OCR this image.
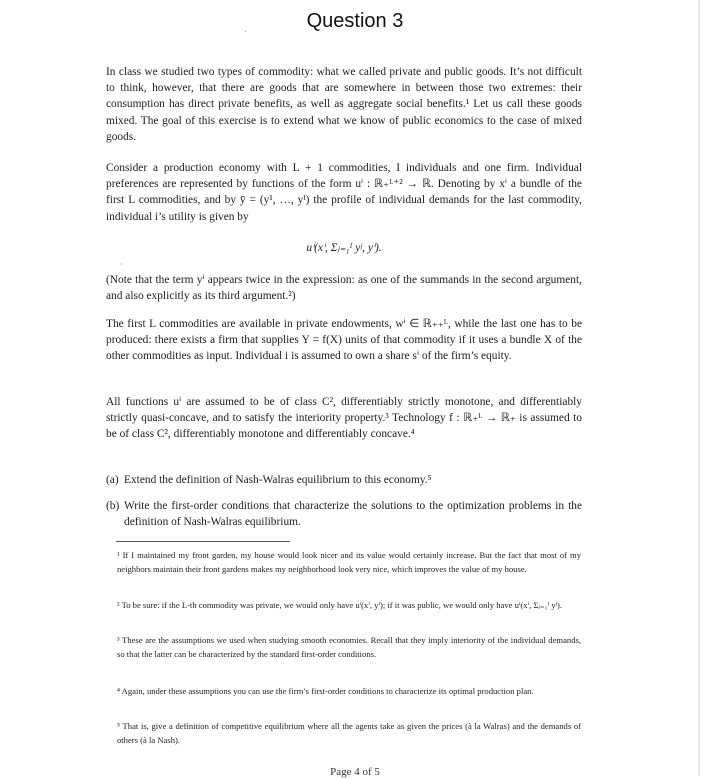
Question 3
·
'
In class we studied two types of commodity: what we called private and public goods. It’s not difficult to think, however, that there are goods that are somewhere in between those two extremes: their consumption has direct private benefits, as well as aggregate social benefits.¹ Let us call these goods mixed. The goal of this exercise is to extend what we know of public economics to the case of mixed goods.
Consider a production economy with L + 1 commodities, I individuals and one firm. Individual preferences are represented by functions of the form uⁱ : ℝ₊ᴸ⁺² → ℝ. Denoting by xⁱ a bundle of the first L commodities, and by ȳ = (y¹, …, yᴵ) the profile of individual demands for the last commodity, individual i’s utility is given by
uⁱ(xⁱ, Σⱼ₌₁ᴵ yʲ, yⁱ).
(Note that the term yⁱ appears twice in the expression: as one of the summands in the second argument, and also explicitly as its third argument.²)
The first L commodities are available in private endowments, wⁱ ∈ ℝ₊₊ᴸ, while the last one has to be produced: there exists a firm that supplies Y = f(X) units of that commodity if it uses a bundle X of the other commodities as input. Individual i is assumed to own a share sⁱ of the firm’s equity.
All functions uⁱ are assumed to be of class C², differentiably strictly monotone, and differentiably strictly quasi-concave, and to satisfy the interiority property.³ Technology f : ℝ₊ᴸ → ℝ₊ is assumed to be of class C², differentiably monotone and differentiably concave.⁴
(a) Extend the definition of Nash-Walras equilibrium to this economy.⁵
(b) Write the first-order conditions that characterize the solutions to the optimization problems in the definition of Nash-Walras equilibrium.
¹ If I maintained my front garden, my house would look nicer and its value would certainly increase. But the fact that most of my neighbors maintain their front gardens makes my neighborhood look very nice, which improves the value of my house.
² To be sure: if the L-th commodity was private, we would only have uⁱ(xⁱ, yⁱ); if it was public, we would only have uⁱ(xⁱ, Σⱼ₌₁ᴵ yʲ).
³ These are the assumptions we used when studying smooth economies. Recall that they imply interiority of the individual demands, so that the latter can be characterized by the standard first-order conditions.
⁴ Again, under these assumptions you can use the firm’s first-order conditions to characterize its optimal production plan.
⁵ That is, give a definition of competitive equilibrium where all the agents take as given the prices (à la Walras) and the demands of others (à la Nash).
Page 4 of 5
